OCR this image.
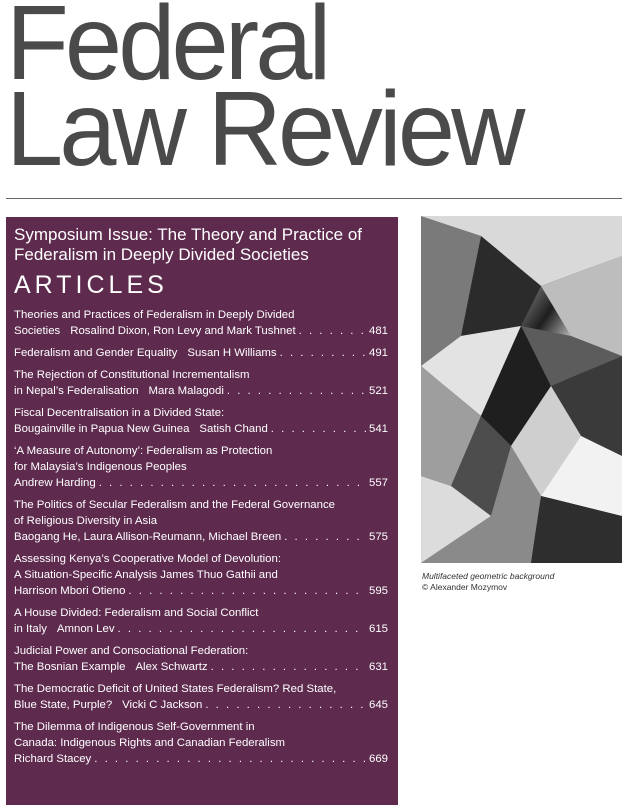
Federal
Law Review
Symposium Issue: The Theory and Practice of Federalism in Deeply Divided Societies
ARTICLES
Theories and Practices of Federalism in Deeply Divided
Societies Rosalind Dixon, Ron Levy and Mark Tushnet . . .	481
Federalism and Gender Equality Susan H Williams . . .	491
The Rejection of Constitutional Incrementalism
in Nepal’s Federalisation Mara Malagodi . . .	521
Fiscal Decentralisation in a Divided State:
Bougainville in Papua New Guinea Satish Chand . . .	541
‘A Measure of Autonomy’: Federalism as Protection
for Malaysia’s Indigenous Peoples
Andrew Harding . . .	557
The Politics of Secular Federalism and the Federal Governance
of Religious Diversity in Asia
Baogang He, Laura Allison-Reumann, Michael Breen . . .	575
Assessing Kenya’s Cooperative Model of Devolution:
A Situation-Specific Analysis James Thuo Gathii and
Harrison Mbori Otieno . . .	595
A House Divided: Federalism and Social Conflict
in Italy Amnon Lev . . .	615
Judicial Power and Consociational Federation:
The Bosnian Example Alex Schwartz . . .	631
The Democratic Deficit of United States Federalism? Red State,
Blue State, Purple? Vicki C Jackson . . .	645
The Dilemma of Indigenous Self-Government in
Canada: Indigenous Rights and Canadian Federalism
Richard Stacey . . .	669
Multifaceted geometric background
© Alexander Mozymov
